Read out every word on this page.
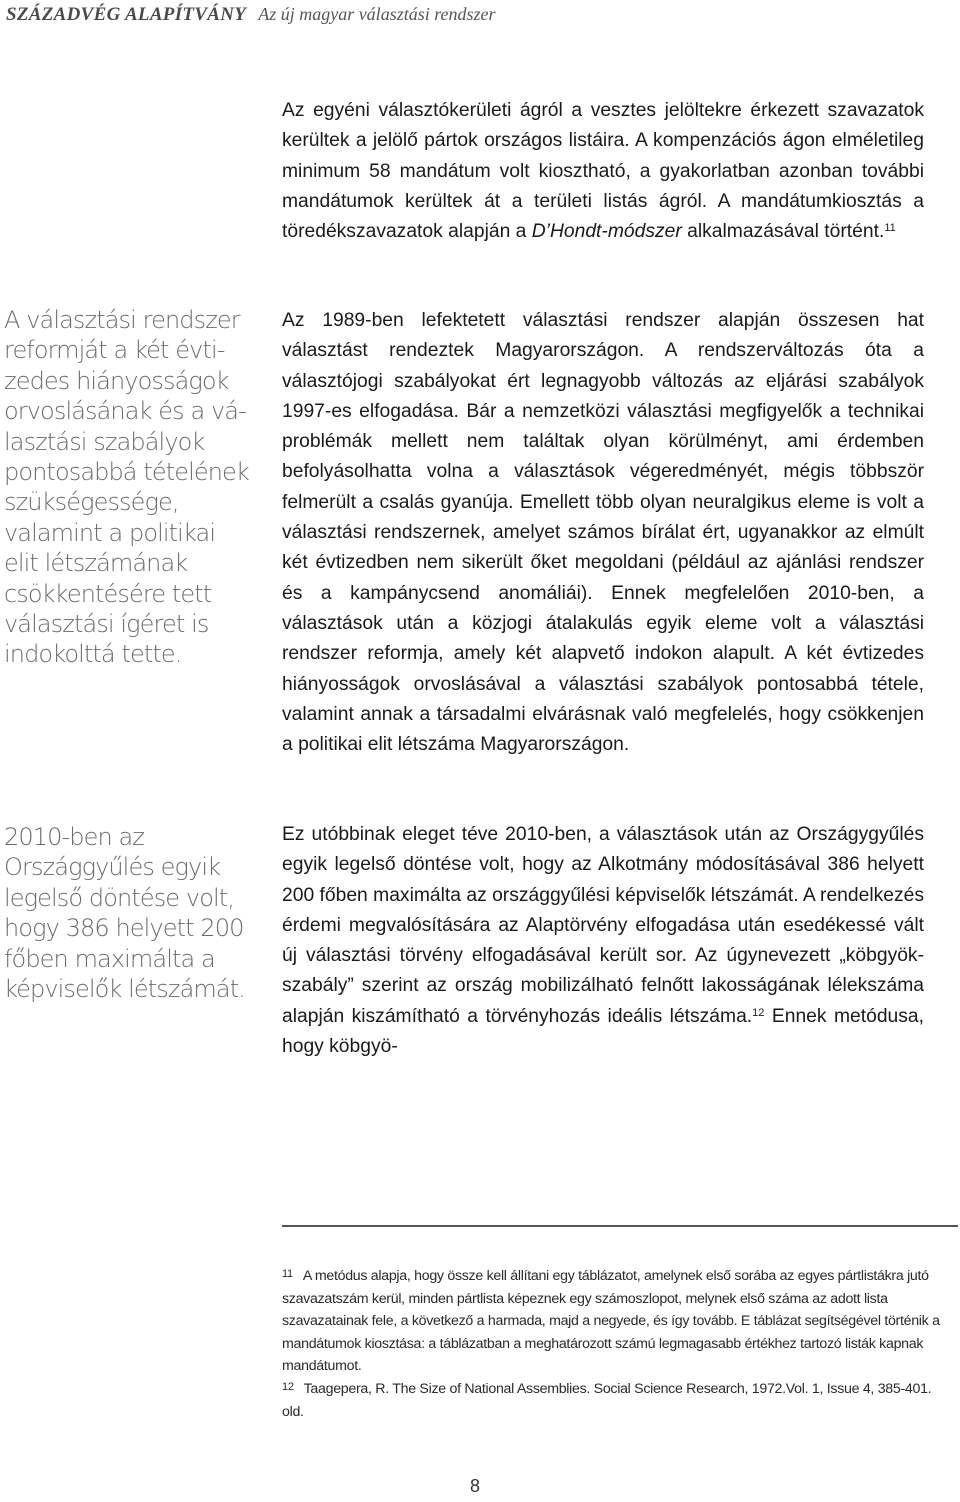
SZÁZADVÉG ALAPÍTVÁNY Az új magyar választási rendszer

Az egyéni választókerületi ágról a vesztes jelöltekre érkezett szavazatok kerültek a jelölő pártok országos listáira. A kompenzációs ágon elméletileg minimum 58 mandátum volt kiosztható, a gyakorlatban azonban további mandátumok kerültek át a területi listás ágról. A mandátumkiosztás a töredékszavazatok alapján a D’Hondt-módszer alkalmazásával történt.$^{11}$

Az 1989-ben lefektetett választási rendszer alapján összesen hat választást rendeztek Magyarországon. A rendszerváltozás óta a választójogi szabályokat ért legnagyobb változás az eljárási szabályok 1997-es elfogadása. Bár a nemzetközi választási megfigyelők a technikai problémák mellett nem találtak olyan körülményt, ami érdemben befolyásolhatta volna a választások végeredményét, mégis többször felmerült a csalás gyanúja. Emellett több olyan neuralgikus eleme is volt a választási rendszernek, amelyet számos bírálat ért, ugyanakkor az elmúlt két évtizedben nem sikerült őket megoldani (például az ajánlási rendszer és a kampánycsend anomáliái). Ennek megfelelően 2010-ben, a választások után a közjogi átalakulás egyik eleme volt a választási rendszer reformja, amely két alapvető indokon alapult. A két évtizedes hiányosságok orvoslásával a választási szabályok pontosabbá tétele, valamint annak a társadalmi elvárásnak való megfelelés, hogy csökkenjen a politikai elit létszáma Magyarországon.

Ez utóbbinak eleget téve 2010-ben, a választások után az Országygyűlés egyik legelső döntése volt, hogy az Alkotmány módosításával 386 helyett 200 főben maximálta az országgyűlési képviselők létszámát. A rendelkezés érdemi megvalósítására az Alaptörvény elfogadása után esedékessé vált új választási törvény elfogadásával került sor. Az úgynevezett „köbgyök-szabály” szerint az ország mobilizálható felnőtt lakosságának lélekszáma alapján kiszámítható a törvényhozás ideális létszáma.$^{12}$ Ennek metódusa, hogy köbgyö-

A választási rendszer reformját a két évtizedes hiányosságok orvoslásának és a választási szabályok pontosabbá tételének szükségessége, valamint a politikai elit létszámának csökkentésére tett választási ígéret is indokolttá tette.

2010-ben az Országgyűlés egyik legelső döntése volt, hogy 386 helyett 200 főben maximálta a képviselők létszámát.

$^{11}$ A metódus alapja, hogy össze kell állítani egy táblázatot, amelynek első sorába az egyes pártlistákra jutó szavazatszám kerül, minden pártlista képeznek egy számoszlopot, melynek első száma az adott lista szavazatainak fele, a következő a harmada, majd a negyede, és így tovább. E táblázat segítségével történik a mandátumok kiosztása: a táblázatban a meghatározott számú legmagasabb értékhez tartozó listák kapnak mandátumot.

$^{12}$ Taagepera, R. The Size of National Assemblies. Social Science Research, 1972.Vol. 1, Issue 4, 385-401. old.

8
